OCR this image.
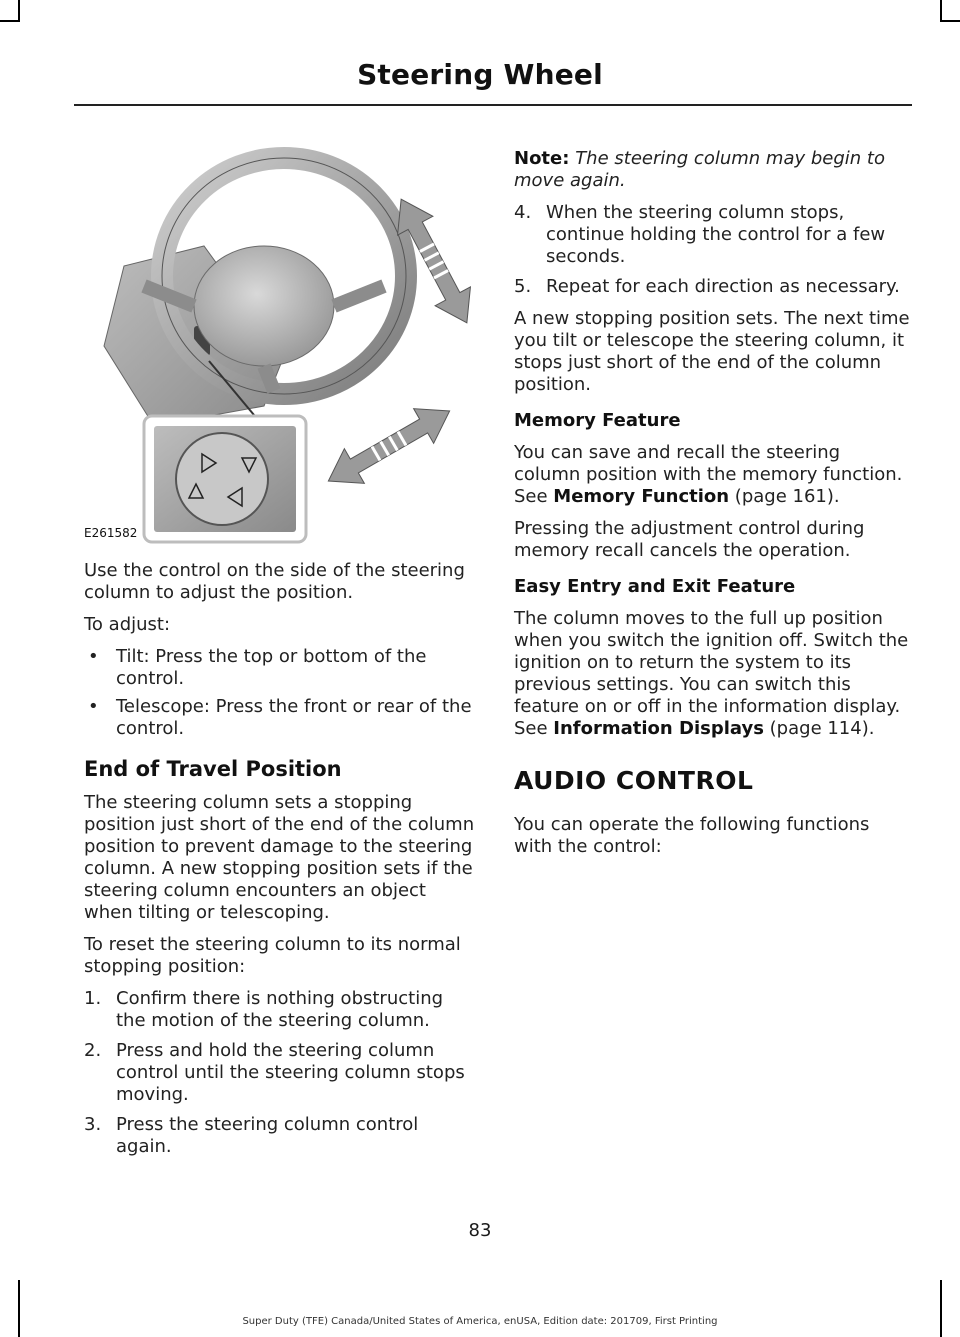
Steering Wheel
E261582

Use the control on the side of the steering column to adjust the position.

To adjust:

• Tilt: Press the top or bottom of the control.
• Telescope: Press the front or rear of the control.
End of Travel Position

The steering column sets a stopping position just short of the end of the column position to prevent damage to the steering column. A new stopping position sets if the steering column encounters an object when tilting or telescoping.

To reset the steering column to its normal stopping position:

1. Confirm there is nothing obstructing the motion of the steering column.
2. Press and hold the steering column control until the steering column stops moving.
3. Press the steering column control again.

Note: The steering column may begin to move again.

4. When the steering column stops, continue holding the control for a few seconds.
5. Repeat for each direction as necessary.

A new stopping position sets. The next time you tilt or telescope the steering column, it stops just short of the end of the column position.

Memory Feature

You can save and recall the steering column position with the memory function. See Memory Function (page 161).

Pressing the adjustment control during memory recall cancels the operation.

Easy Entry and Exit Feature

The column moves to the full up position when you switch the ignition off. Switch the ignition on to return the system to its previous settings. You can switch this feature on or off in the information display. See Information Displays (page 114).

AUDIO CONTROL

You can operate the following functions with the control:

83
Super Duty (TFE) Canada/United States of America, enUSA, Edition date: 201709, First Printing
